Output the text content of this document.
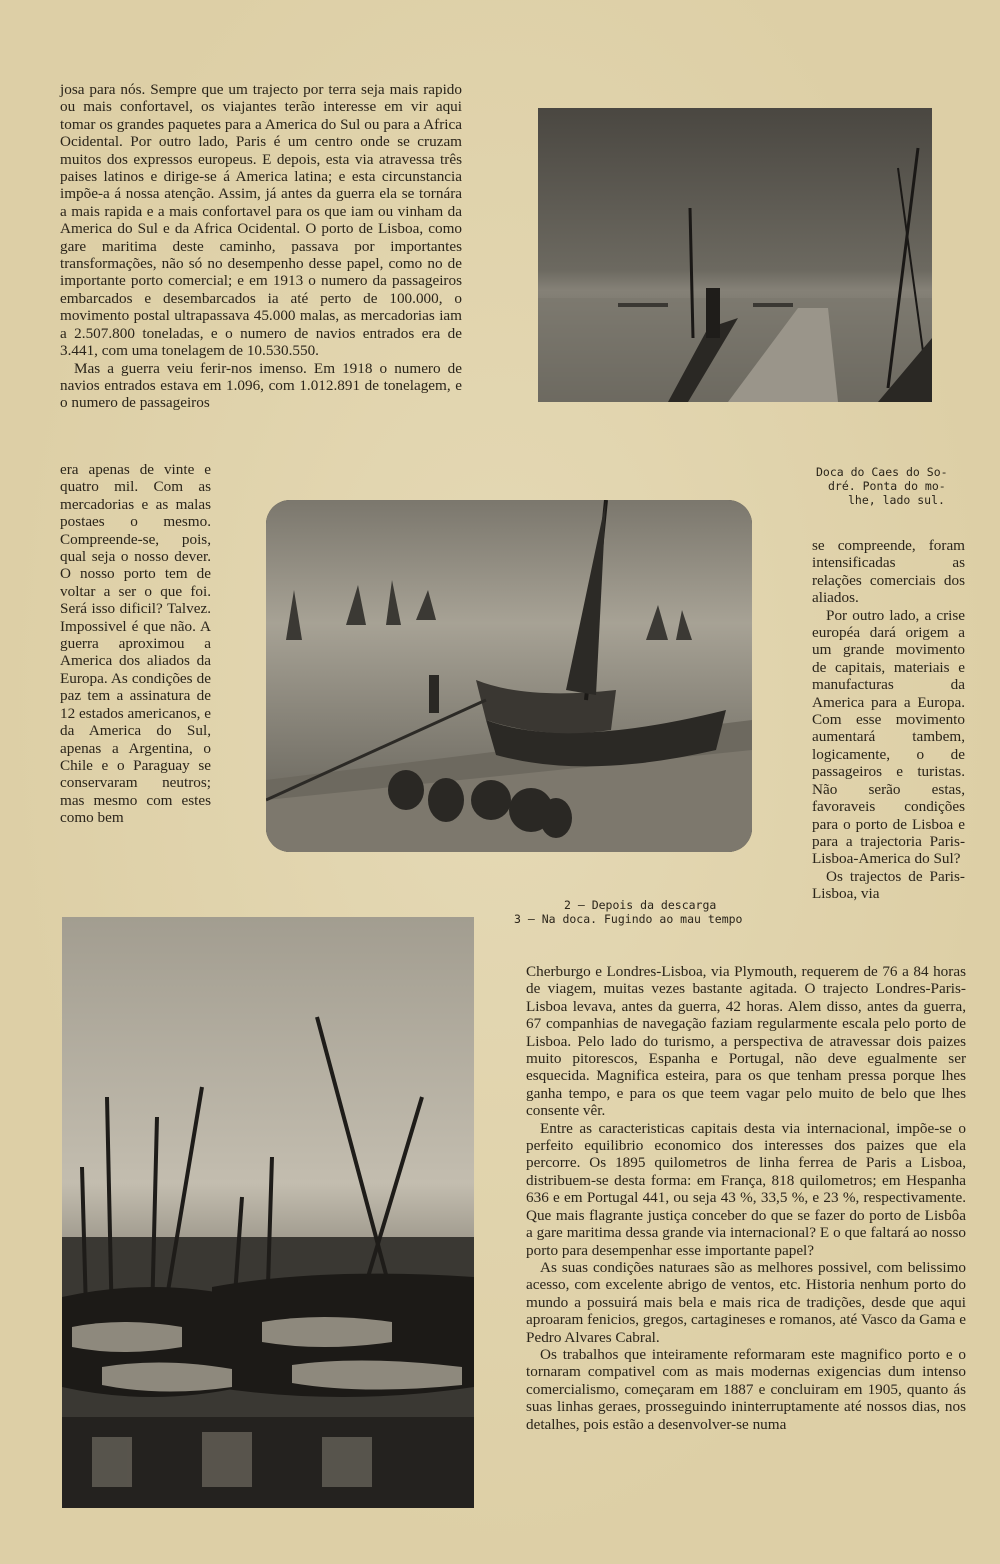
josa para nós. Sempre que um trajecto por terra seja mais rapido ou mais confortavel, os viajantes terão interesse em vir aqui tomar os grandes paquetes para a America do Sul ou para a Africa Ocidental. Por outro lado, Paris é um centro onde se cruzam muitos dos expressos europeus. E depois, esta via atravessa três paises latinos e dirige-se á America latina; e esta circunstancia impõe-a á nossa atenção. Assim, já antes da guerra ela se tornára a mais rapida e a mais confortavel para os que iam ou vinham da America do Sul e da Africa Ocidental. O porto de Lisboa, como gare maritima deste caminho, passava por importantes transformações, não só no desempenho desse papel, como no de importante porto comercial; e em 1913 o numero da passageiros embarcados e desembarcados ia até perto de 100.000, o movimento postal ultrapassava 45.000 malas, as mercadorias iam a 2.507.800 toneladas, e o numero de navios entrados era de 3.441, com uma tonelagem de 10.530.550.

Mas a guerra veiu ferir-nos imenso. Em 1918 o numero de navios entrados estava em 1.096, com 1.012.891 de tonelagem, e o numero de passageiros

era apenas de vinte e quatro mil. Com as mercadorias e as malas postaes o mesmo. Compreende-se, pois, qual seja o nosso dever. O nosso porto tem de voltar a ser o que foi. Será isso dificil? Talvez. Impossivel é que não. A guerra aproximou a America dos aliados da Europa. As condições de paz tem a assinatura de 12 estados americanos, e da America do Sul, apenas a Argentina, o Chile e o Paraguay se conservaram neutros; mas mesmo com estes como bem

Doca do Caes do So-
dré. Ponta do mo-
lhe, lado sul.
2 — Depois da descarga
3 — Na doca. Fugindo ao mau tempo

se compreende, foram intensificadas as relações comerciais dos aliados.

Por outro lado, a crise européa dará origem a um grande movimento de capitais, materiais e manufacturas da America para a Europa. Com esse movimento aumentará tambem, logicamente, o de passageiros e turistas. Não serão estas, favoraveis condições para o porto de Lisboa e para a trajectoria Paris-Lisboa-America do Sul?

Os trajectos de Paris-Lisboa, via

Cherburgo e Londres-Lisboa, via Plymouth, requerem de 76 a 84 horas de viagem, muitas vezes bastante agitada. O trajecto Londres-Paris-Lisboa levava, antes da guerra, 42 horas. Alem disso, antes da guerra, 67 companhias de navegação faziam regularmente escala pelo porto de Lisboa. Pelo lado do turismo, a perspectiva de atravessar dois paizes muito pitorescos, Espanha e Portugal, não deve egualmente ser esquecida. Magnifica esteira, para os que tenham pressa porque lhes ganha tempo, e para os que teem vagar pelo muito de belo que lhes consente vêr.

Entre as caracteristicas capitais desta via internacional, impõe-se o perfeito equilibrio economico dos interesses dos paizes que ela percorre. Os 1895 quilometros de linha ferrea de Paris a Lisboa, distribuem-se desta forma: em França, 818 quilometros; em Hespanha 636 e em Portugal 441, ou seja 43 %, 33,5 %, e 23 %, respectivamente. Que mais flagrante justiça conceber do que se fazer do porto de Lisbôa a gare maritima dessa grande via internacional? E o que faltará ao nosso porto para desempenhar esse importante papel?

As suas condições naturaes são as melhores possivel, com belissimo acesso, com excelente abrigo de ventos, etc. Historia nenhum porto do mundo a possuirá mais bela e mais rica de tradições, desde que aqui aproaram fenicios, gregos, cartagineses e romanos, até Vasco da Gama e Pedro Alvares Cabral.

Os trabalhos que inteiramente reformaram este magnifico porto e o tornaram compativel com as mais modernas exigencias dum intenso comercialismo, começaram em 1887 e concluiram em 1905, quanto ás suas linhas geraes, prosseguindo ininterruptamente até nossos dias, nos detalhes, pois estão a desenvolver-se numa
